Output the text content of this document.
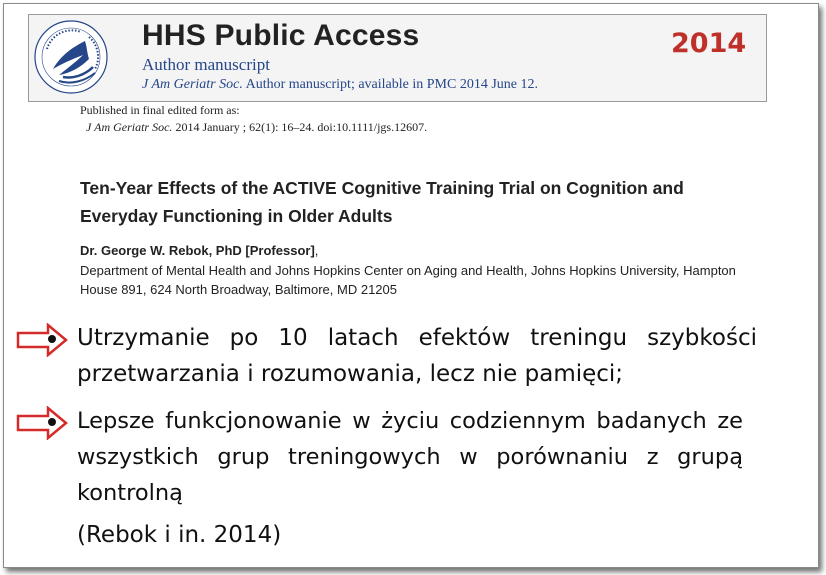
HHS Public Access
Author manuscript
J Am Geriatr Soc. Author manuscript; available in PMC 2014 June 12.
2014
Published in final edited form as:
J Am Geriatr Soc. 2014 January ; 62(1): 16–24. doi:10.1111/jgs.12607.
Ten-Year Effects of the ACTIVE Cognitive Training Trial on Cognition and Everyday Functioning in Older Adults
Dr. George W. Rebok, PhD [Professor],
Department of Mental Health and Johns Hopkins Center on Aging and Health, Johns Hopkins University, Hampton House 891, 624 North Broadway, Baltimore, MD 21205
Utrzymanie po 10 latach efektów treningu szybkości przetwarzania i rozumowania, lecz nie pamięci;
Lepsze funkcjonowanie w życiu codziennym badanych ze wszystkich grup treningowych w porównaniu z grupą kontrolną
(Rebok i in. 2014)
